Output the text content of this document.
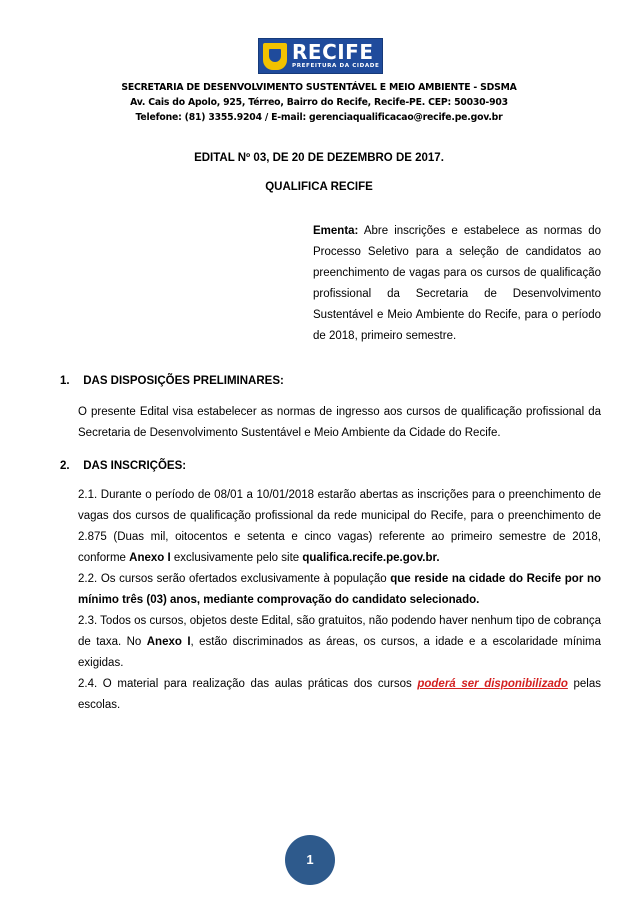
RECIFE
PREFEITURA DA CIDADE
SECRETARIA DE DESENVOLVIMENTO SUSTENTÁVEL E MEIO AMBIENTE - SDSMA
Av. Cais do Apolo, 925, Térreo, Bairro do Recife, Recife-PE. CEP: 50030-903
Telefone: (81) 3355.9204 / E-mail: gerenciaqualificacao@recife.pe.gov.br
EDITAL Nº 03, DE 20 DE DEZEMBRO DE 2017.
QUALIFICA RECIFE
Ementa: Abre inscrições e estabelece as normas do Processo Seletivo para a seleção de candidatos ao preenchimento de vagas para os cursos de qualificação profissional da Secretaria de Desenvolvimento Sustentável e Meio Ambiente do Recife, para o período de 2018, primeiro semestre.
1. DAS DISPOSIÇÕES PRELIMINARES:
O presente Edital visa estabelecer as normas de ingresso aos cursos de qualificação profissional da Secretaria de Desenvolvimento Sustentável e Meio Ambiente da Cidade do Recife.
2. DAS INSCRIÇÕES:
2.1. Durante o período de 08/01 a 10/01/2018 estarão abertas as inscrições para o preenchimento de vagas dos cursos de qualificação profissional da rede municipal do Recife, para o preenchimento de 2.875 (Duas mil, oitocentos e setenta e cinco vagas) referente ao primeiro semestre de 2018, conforme Anexo I exclusivamente pelo site qualifica.recife.pe.gov.br.
2.2. Os cursos serão ofertados exclusivamente à população que reside na cidade do Recife por no mínimo três (03) anos, mediante comprovação do candidato selecionado.
2.3. Todos os cursos, objetos deste Edital, são gratuitos, não podendo haver nenhum tipo de cobrança de taxa. No Anexo I, estão discriminados as áreas, os cursos, a idade e a escolaridade mínima exigidas.
2.4. O material para realização das aulas práticas dos cursos poderá ser disponibilizado pelas escolas.
1
